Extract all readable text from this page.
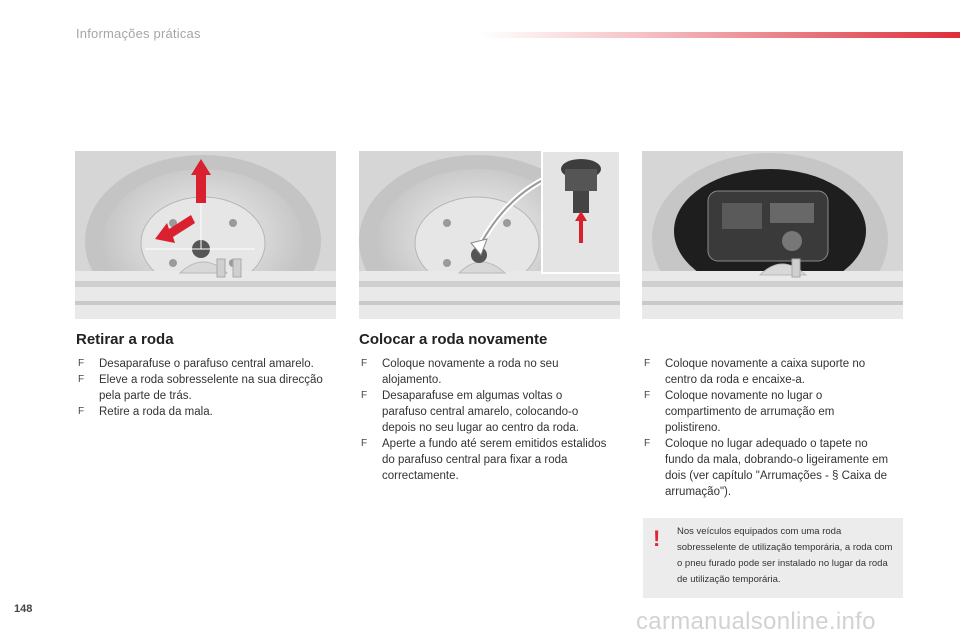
Informações práticas
Retirar a roda
F Desaparafuse o parafuso central amarelo.
F Eleve a roda sobresselente na sua direcção pela parte de trás.
F Retire a roda da mala.
Colocar a roda novamente
F Coloque novamente a roda no seu alojamento.
F Desaparafuse em algumas voltas o parafuso central amarelo, colocando-o depois no seu lugar ao centro da roda.
F Aperte a fundo até serem emitidos estalidos do parafuso central para fixar a roda correctamente.
F Coloque novamente a caixa suporte no centro da roda e encaixe-a.
F Coloque novamente no lugar o compartimento de arrumação em polistireno.
F Coloque no lugar adequado o tapete no fundo da mala, dobrando-o ligeiramente em dois (ver capítulo "Arrumações - § Caixa de arrumação").
! Nos veículos equipados com uma roda sobresselente de utilização temporária, a roda com o pneu furado pode ser instalado no lugar da roda de utilização temporária.
148	carmanualsonline.info
